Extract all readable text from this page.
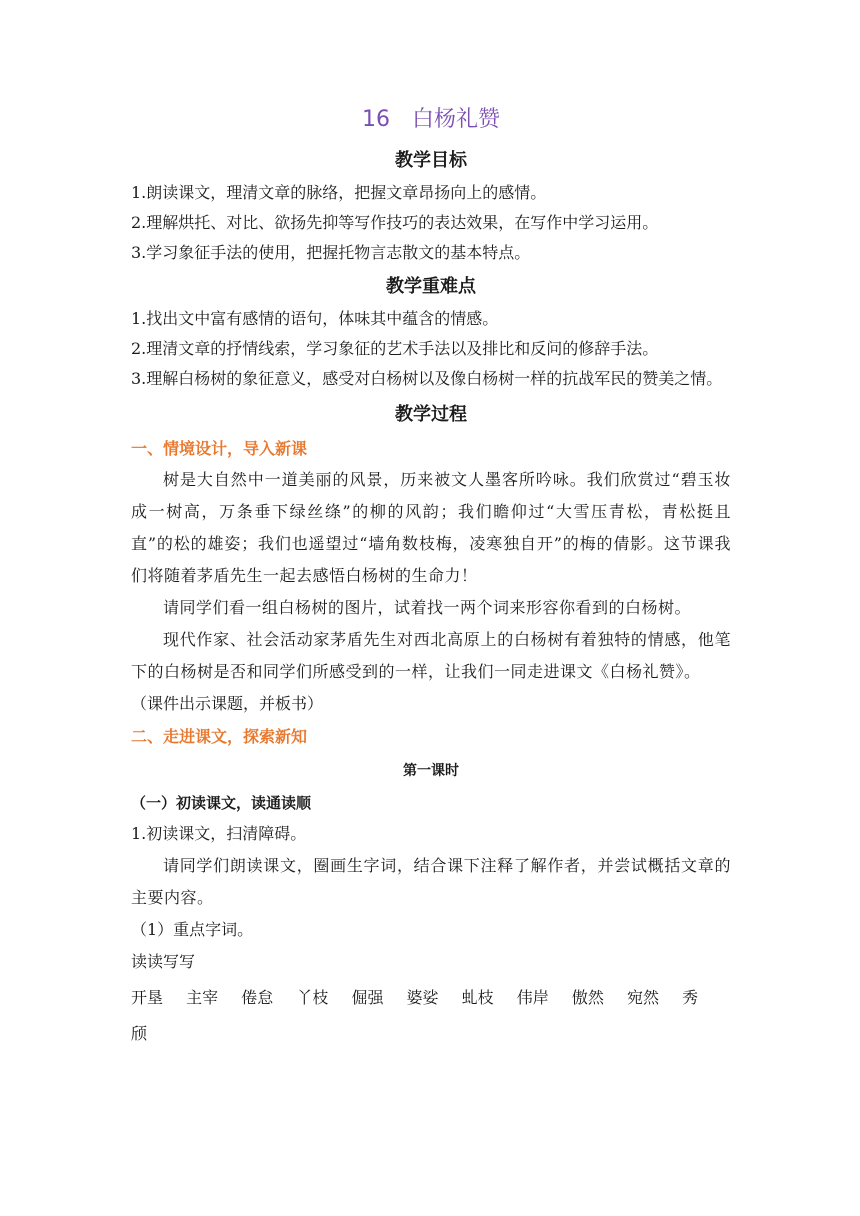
16 白杨礼赞
教学目标
1.朗读课文，理清文章的脉络，把握文章昂扬向上的感情。
2.理解烘托、对比、欲扬先抑等写作技巧的表达效果，在写作中学习运用。
3.学习象征手法的使用，把握托物言志散文的基本特点。
教学重难点
1.找出文中富有感情的语句，体味其中蕴含的情感。
2.理清文章的抒情线索，学习象征的艺术手法以及排比和反问的修辞手法。
3.理解白杨树的象征意义，感受对白杨树以及像白杨树一样的抗战军民的赞美之情。
教学过程
一、情境设计，导入新课
树是大自然中一道美丽的风景，历来被文人墨客所吟咏。我们欣赏过“碧玉妆成一树高，万条垂下绿丝绦”的柳的风韵；我们瞻仰过“大雪压青松，青松挺且直”的松的雄姿；我们也遥望过“墙角数枝梅，凌寒独自开”的梅的倩影。这节课我们将随着茅盾先生一起去感悟白杨树的生命力！
请同学们看一组白杨树的图片，试着找一两个词来形容你看到的白杨树。
现代作家、社会活动家茅盾先生对西北高原上的白杨树有着独特的情感，他笔下的白杨树是否和同学们所感受到的一样，让我们一同走进课文《白杨礼赞》。
（课件出示课题，并板书）
二、走进课文，探索新知
第一课时
（一）初读课文，读通读顺
1.初读课文，扫清障碍。
请同学们朗读课文，圈画生字词，结合课下注释了解作者，并尝试概括文章的主要内容。
（1）重点字词。
读读写写
开垦 主宰 倦怠 丫枝 倔强 婆娑 虬枝 伟岸 傲然 宛然 秀颀
